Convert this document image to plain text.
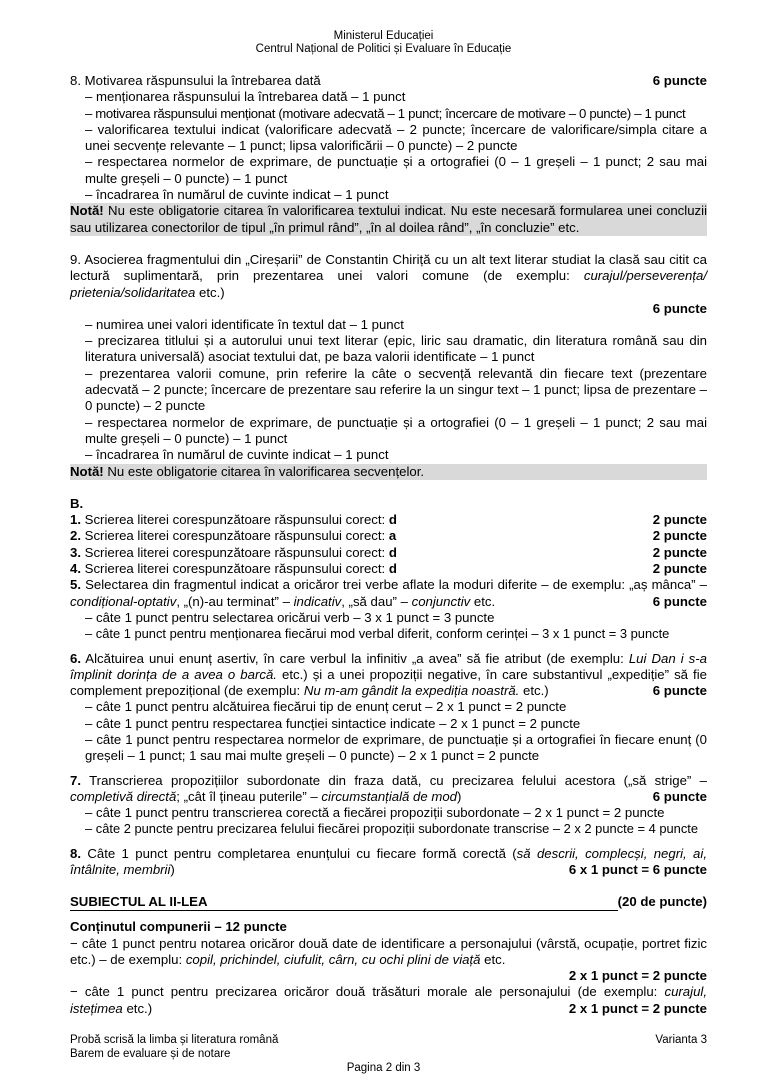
Ministerul Educației
Centrul Național de Politici și Evaluare în Educație
8. Motivarea răspunsului la întrebarea dată	6 puncte
– menționarea răspunsului la întrebarea dată – 1 punct
– motivarea răspunsului menționat (motivare adecvată – 1 punct; încercare de motivare – 0 puncte) – 1 punct
– valorificarea textului indicat (valorificare adecvată – 2 puncte; încercare de valorificare/simpla citare a unei secvențe relevante – 1 punct; lipsa valorificării – 0 puncte) – 2 puncte
– respectarea normelor de exprimare, de punctuație și a ortografiei (0 – 1 greșeli – 1 punct; 2 sau mai multe greșeli – 0 puncte) – 1 punct
– încadrarea în numărul de cuvinte indicat – 1 punct
Notă! Nu este obligatorie citarea în valorificarea textului indicat. Nu este necesară formularea unei concluzii sau utilizarea conectorilor de tipul „în primul rând”, „în al doilea rând”, „în concluzie” etc.
9. Asocierea fragmentului din „Cireșarii” de Constantin Chiriță cu un alt text literar studiat la clasă sau citit ca lectură suplimentară, prin prezentarea unei valori comune (de exemplu: curajul/perseverența/ prietenia/solidaritatea etc.)
6 puncte
– numirea unei valori identificate în textul dat – 1 punct
– precizarea titlului și a autorului unui text literar (epic, liric sau dramatic, din literatura română sau din literatura universală) asociat textului dat, pe baza valorii identificate – 1 punct
– prezentarea valorii comune, prin referire la câte o secvență relevantă din fiecare text (prezentare adecvată – 2 puncte; încercare de prezentare sau referire la un singur text – 1 punct; lipsa de prezentare – 0 puncte) – 2 puncte
– respectarea normelor de exprimare, de punctuație și a ortografiei (0 – 1 greșeli – 1 punct; 2 sau mai multe greșeli – 0 puncte) – 1 punct
– încadrarea în numărul de cuvinte indicat – 1 punct
Notă! Nu este obligatorie citarea în valorificarea secvențelor.
B.
1. Scrierea literei corespunzătoare răspunsului corect: d	2 puncte
2. Scrierea literei corespunzătoare răspunsului corect: a	2 puncte
3. Scrierea literei corespunzătoare răspunsului corect: d	2 puncte
4. Scrierea literei corespunzătoare răspunsului corect: d	2 puncte
5. Selectarea din fragmentul indicat a oricăror trei verbe aflate la moduri diferite – de exemplu: „aș mânca” – condițional-optativ, „(n)-au terminat” – indicativ, „să dau” – conjunctiv etc.	6 puncte
– câte 1 punct pentru selectarea oricărui verb – 3 x 1 punct = 3 puncte
– câte 1 punct pentru menționarea fiecărui mod verbal diferit, conform cerinței – 3 x 1 punct = 3 puncte
6. Alcătuirea unui enunț asertiv, în care verbul la infinitiv „a avea” să fie atribut (de exemplu: Lui Dan i s-a împlinit dorința de a avea o barcă. etc.) și a unei propoziții negative, în care substantivul „expediție” să fie complement prepozițional (de exemplu: Nu m-am gândit la expediția noastră. etc.)	6 puncte
– câte 1 punct pentru alcătuirea fiecărui tip de enunț cerut – 2 x 1 punct = 2 puncte
– câte 1 punct pentru respectarea funcției sintactice indicate – 2 x 1 punct = 2 puncte
– câte 1 punct pentru respectarea normelor de exprimare, de punctuație și a ortografiei în fiecare enunț (0 greșeli – 1 punct; 1 sau mai multe greșeli – 0 puncte) – 2 x 1 punct = 2 puncte
7. Transcrierea propozițiilor subordonate din fraza dată, cu precizarea felului acestora („să strige” – completivă directă; „cât îl țineau puterile” – circumstanțială de mod)	6 puncte
– câte 1 punct pentru transcrierea corectă a fiecărei propoziții subordonate – 2 x 1 punct = 2 puncte
– câte 2 puncte pentru precizarea felului fiecărei propoziții subordonate transcrise – 2 x 2 puncte = 4 puncte
8. Câte 1 punct pentru completarea enunțului cu fiecare formă corectă (să descrii, complecși, negri, ai, întâlnite, membrii)	6 x 1 punct = 6 puncte
SUBIECTUL AL II-LEA	(20 de puncte)
Conținutul compunerii – 12 puncte
− câte 1 punct pentru notarea oricăror două date de identificare a personajului (vârstă, ocupație, portret fizic etc.) – de exemplu: copil, prichindel, ciufulit, cârn, cu ochi plini de viață etc.
2 x 1 punct = 2 puncte
− câte 1 punct pentru precizarea oricăror două trăsături morale ale personajului (de exemplu: curajul, istețimea etc.)	2 x 1 punct = 2 puncte
Probă scrisă la limba și literatura română
Barem de evaluare și de notare
Varianta 3
Pagina 2 din 3
